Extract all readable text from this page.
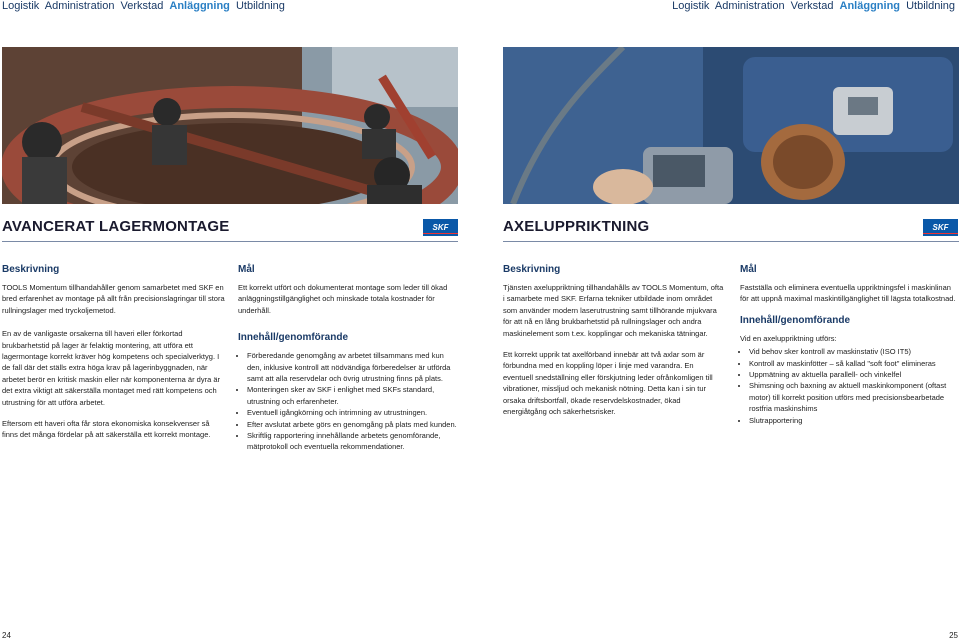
Logistik Administration Verkstad Anläggning Utbildning	Logistik Administration Verkstad Anläggning Utbildning
AVANCERAT LAGERMONTAGE	SKF	AXELUPPRIKTNING	SKF
Beskrivning

TOOLS Momentum tillhandahåller genom samarbetet med SKF en bred erfarenhet av montage på allt från precisionslagringar till stora rullningslager med tryckoljemetod.

En av de vanligaste orsakerna till haveri eller förkortad brukbarhetstid på lager är felaktig montering, att utföra ett lagermontage korrekt kräver hög kompetens och specialverktyg. I de fall där det ställs extra höga krav på lagerinbyggnaden, när arbetet berör en kritisk maskin eller när komponenterna är dyra är det extra viktigt att säkerställa montaget med rätt kompetens och utrustning för att utföra arbetet.

Eftersom ett haveri ofta får stora ekonomiska konsekvenser så finns det många fördelar på att säkerställa ett korrekt montage.

Mål

Ett korrekt utfört och dokumenterat montage som leder till ökad anläggningstillgänglighet och minskade totala kostnader för underhåll.

Innehåll/genomförande
• Förberedande genomgång av arbetet tillsammans med kun den, inklusive kontroll att nödvändiga förberedelser är utförda samt att alla reservdelar och övrig utrustning finns på plats.
• Monteringen sker av SKF i enlighet med SKFs standard, utrustning och erfarenheter.
• Eventuell igångkörning och intrimning av utrustningen.
• Efter avslutat arbete görs en genomgång på plats med kunden.
• Skriftlig rapportering innehållande arbetets genomförande, mätprotokoll och eventuella rekommendationer.
Beskrivning

Tjänsten axeluppriktning tillhandahålls av TOOLS Momentum, ofta i samarbete med SKF. Erfarna tekniker utbildade inom området som använder modern laserutrustning samt tillhörande mjukvara för att nå en lång brukbarhetstid på rullningslager och andra maskinelement som t.ex. kopplingar och mekaniska tätningar.

Ett korrekt upprik tat axelförband innebär att två axlar som är förbundna med en koppling löper i linje med varandra. En eventuell snedställning eller förskjutning leder ofrånkomligen till vibrationer, missljud och mekanisk nötning. Detta kan i sin tur orsaka driftsbortfall, ökade reservdelskostnader, ökad energiåtgång och säkerhetsrisker.

Mål

Fastställa och eliminera eventuella uppriktningsfel i maskinlinan för att uppnå maximal maskintillgänglighet till lägsta totalkostnad.

Innehåll/genomförande

Vid en axeluppriktning utförs:

• Vid behov sker kontroll av maskinstativ (ISO IT5)
• Kontroll av maskinfötter – så kallad "soft foot" elimineras
• Uppmätning av aktuella parallell- och vinkelfel
• Shimsning och baxning av aktuell maskinkomponent (oftast motor) till korrekt position utförs med precisionsbearbetade rostfria maskinshims
• Slutrapportering
24	25
